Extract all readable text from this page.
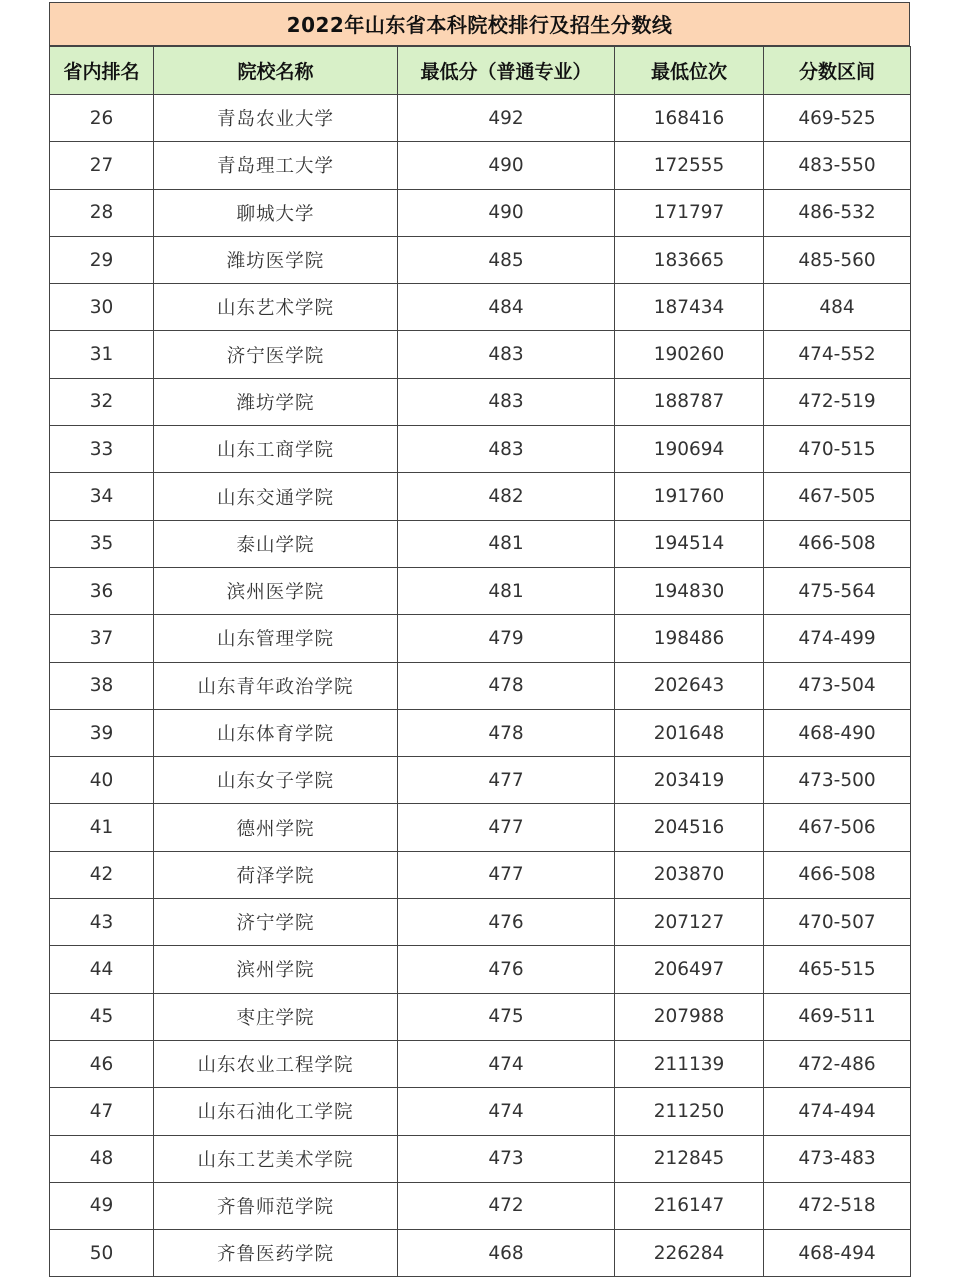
2022年山东省本科院校排行及招生分数线
省内排名	院校名称	最低分（普通专业）	最低位次	分数区间
26	青岛农业大学	492	168416	469-525
27	青岛理工大学	490	172555	483-550
28	聊城大学	490	171797	486-532
29	潍坊医学院	485	183665	485-560
30	山东艺术学院	484	187434	484
31	济宁医学院	483	190260	474-552
32	潍坊学院	483	188787	472-519
33	山东工商学院	483	190694	470-515
34	山东交通学院	482	191760	467-505
35	泰山学院	481	194514	466-508
36	滨州医学院	481	194830	475-564
37	山东管理学院	479	198486	474-499
38	山东青年政治学院	478	202643	473-504
39	山东体育学院	478	201648	468-490
40	山东女子学院	477	203419	473-500
41	德州学院	477	204516	467-506
42	荷泽学院	477	203870	466-508
43	济宁学院	476	207127	470-507
44	滨州学院	476	206497	465-515
45	枣庄学院	475	207988	469-511
46	山东农业工程学院	474	211139	472-486
47	山东石油化工学院	474	211250	474-494
48	山东工艺美术学院	473	212845	473-483
49	齐鲁师范学院	472	216147	472-518
50	齐鲁医药学院	468	226284	468-494
